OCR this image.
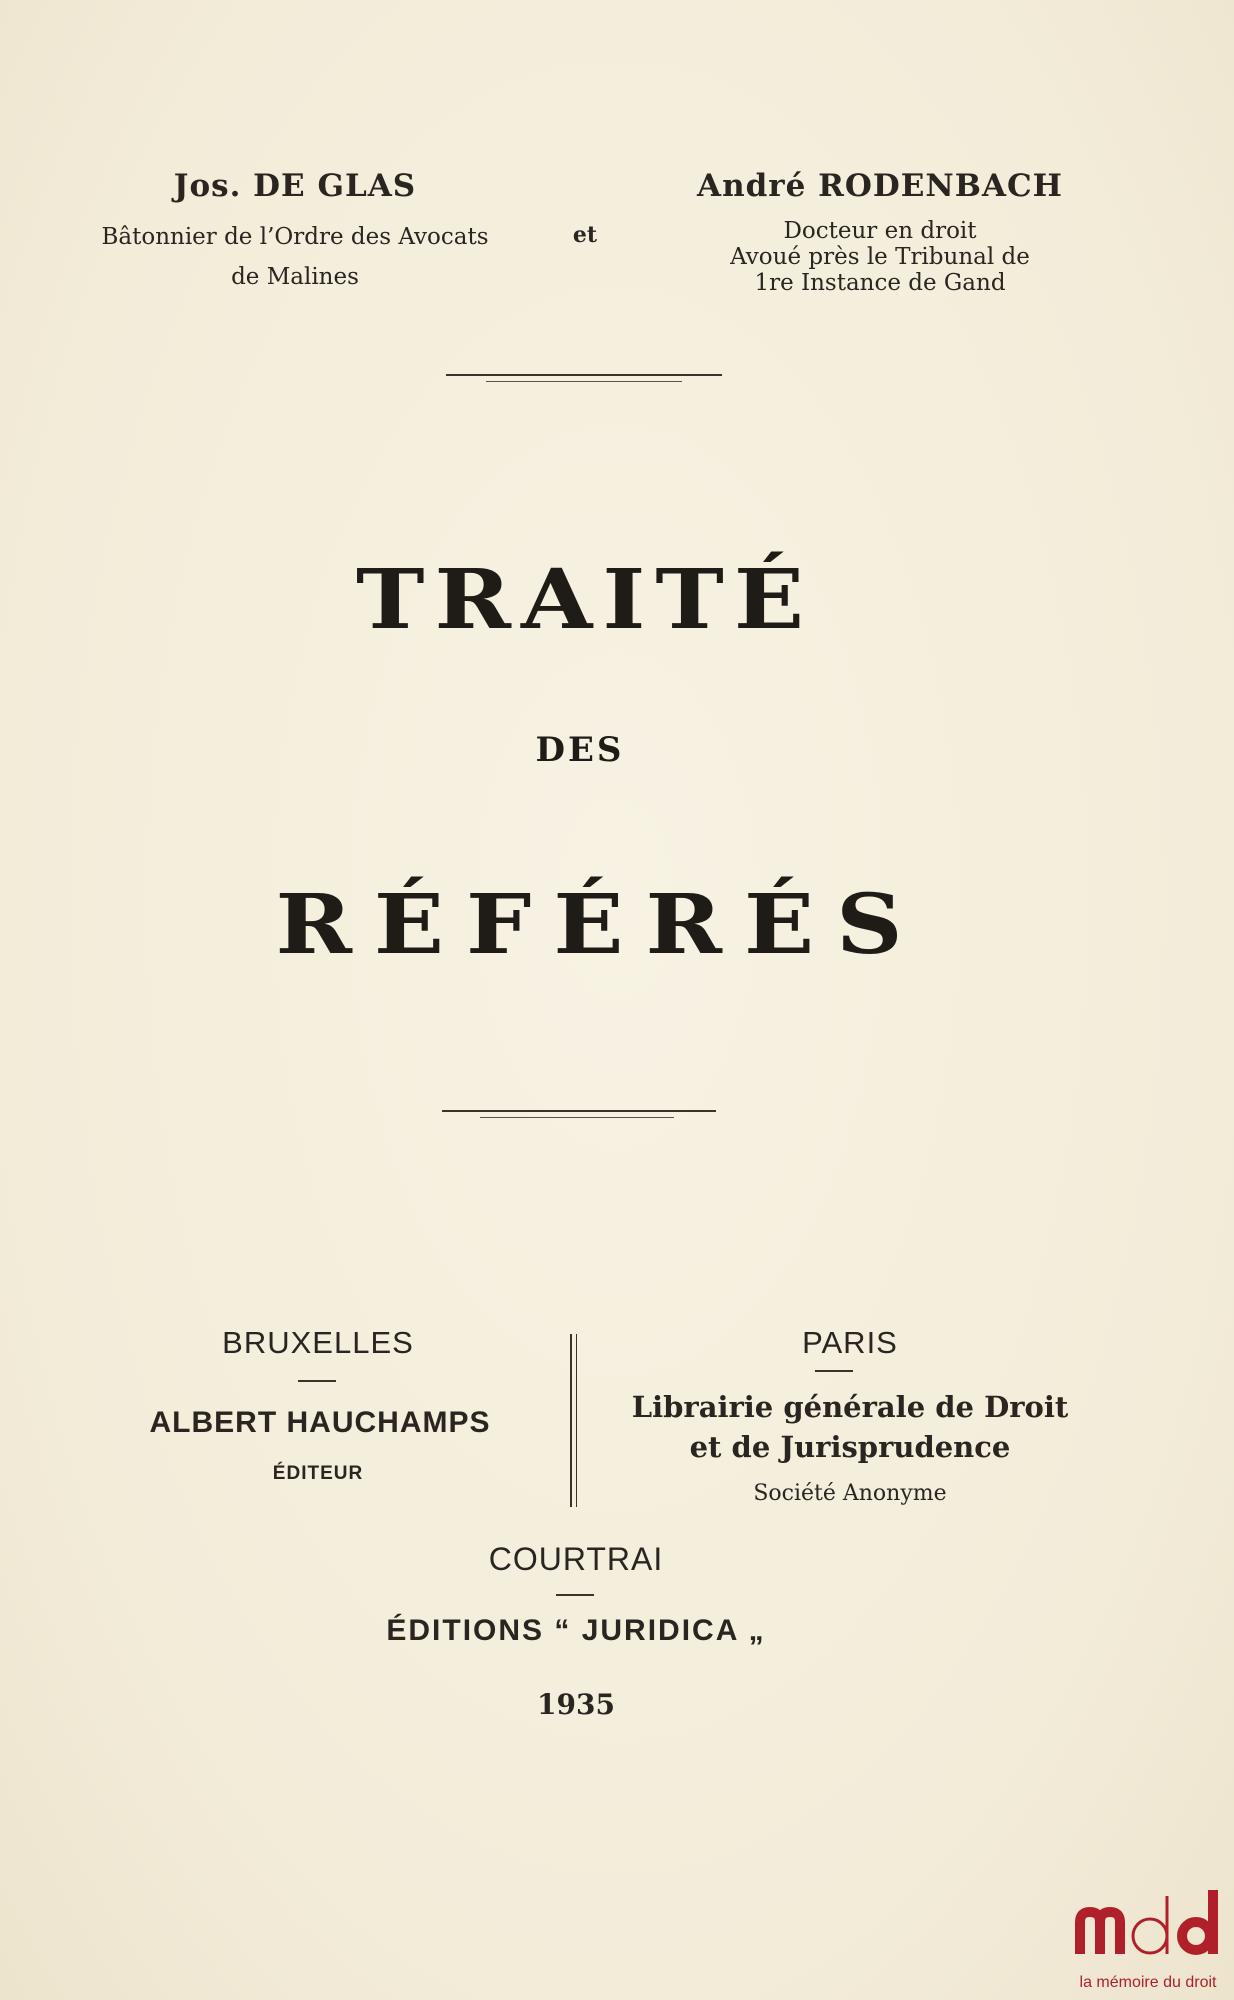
Jos. DE GLAS
Bâtonnier de l’Ordre des Avocats
de Malines
et
André RODENBACH
Docteur en droit
Avoué près le Tribunal de
1re Instance de Gand
TRAITÉ
DES
RÉFÉRÉS
BRUXELLES
ALBERT HAUCHAMPS
ÉDITEUR
PARIS
Librairie générale de Droit
et de Jurisprudence
Société Anonyme
COURTRAI
ÉDITIONS “ JURIDICA „
1935
la mémoire du droit
